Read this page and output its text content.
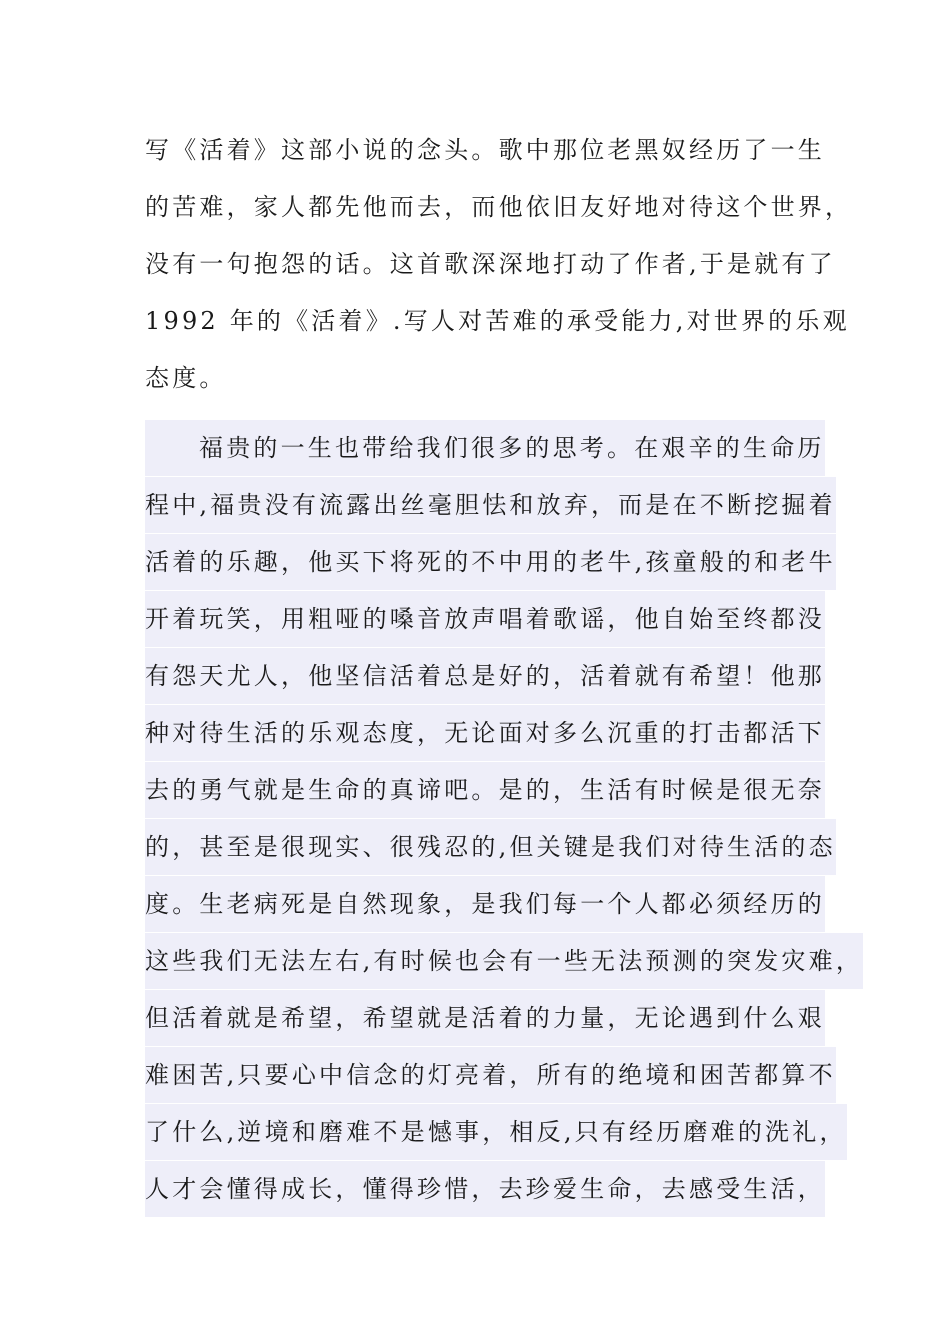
写《活着》这部小说的念头。歌中那位老黑奴经历了一生
的苦难，家人都先他而去，而他依旧友好地对待这个世界，
没有一句抱怨的话。这首歌深深地打动了作者,于是就有了
1992 年的《活着》.写人对苦难的承受能力,对世界的乐观
态度。
福贵的一生也带给我们很多的思考。在艰辛的生命历
程中,福贵没有流露出丝毫胆怯和放弃，而是在不断挖掘着
活着的乐趣，他买下将死的不中用的老牛,孩童般的和老牛
开着玩笑，用粗哑的嗓音放声唱着歌谣，他自始至终都没
有怨天尤人，他坚信活着总是好的，活着就有希望！他那
种对待生活的乐观态度，无论面对多么沉重的打击都活下
去的勇气就是生命的真谛吧。是的，生活有时候是很无奈
的，甚至是很现实、很残忍的,但关键是我们对待生活的态
度。生老病死是自然现象，是我们每一个人都必须经历的
这些我们无法左右,有时候也会有一些无法预测的突发灾难，
但活着就是希望，希望就是活着的力量，无论遇到什么艰
难困苦,只要心中信念的灯亮着，所有的绝境和困苦都算不
了什么,逆境和磨难不是憾事，相反,只有经历磨难的洗礼，
人才会懂得成长，懂得珍惜，去珍爱生命，去感受生活，
